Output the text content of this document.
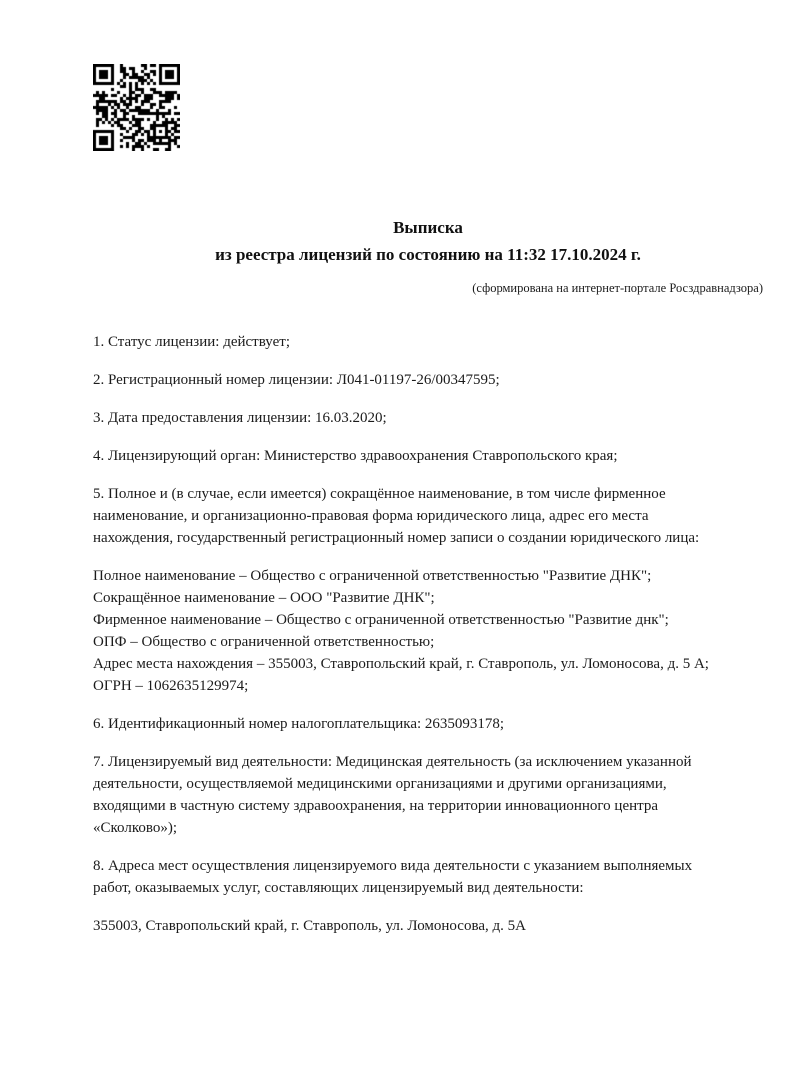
Выписка
из реестра лицензий по состоянию на 11:32 17.10.2024 г.
(сформирована на интернет-портале Росздравнадзора)
1. Статус лицензии: действует;
2. Регистрационный номер лицензии: Л041-01197-26/00347595;
3. Дата предоставления лицензии: 16.03.2020;
4. Лицензирующий орган: Министерство здравоохранения Ставропольского края;
5. Полное и (в случае, если имеется) сокращённое наименование, в том числе фирменное
наименование, и организационно-правовая форма юридического лица, адрес его места
нахождения, государственный регистрационный номер записи о создании юридического лица:
Полное наименование – Общество с ограниченной ответственностью "Развитие ДНК";
Сокращённое наименование – ООО "Развитие ДНК";
Фирменное наименование – Общество с ограниченной ответственностью "Развитие днк";
ОПФ – Общество с ограниченной ответственностью;
Адрес места нахождения – 355003, Ставропольский край, г. Ставрополь, ул. Ломоносова, д. 5 А;
ОГРН – 1062635129974;
6. Идентификационный номер налогоплательщика: 2635093178;
7. Лицензируемый вид деятельности: Медицинская деятельность (за исключением указанной
деятельности, осуществляемой медицинскими организациями и другими организациями,
входящими в частную систему здравоохранения, на территории инновационного центра
«Сколково»);
8. Адреса мест осуществления лицензируемого вида деятельности с указанием выполняемых
работ, оказываемых услуг, составляющих лицензируемый вид деятельности:
355003, Ставропольский край, г. Ставрополь, ул. Ломоносова, д. 5А
